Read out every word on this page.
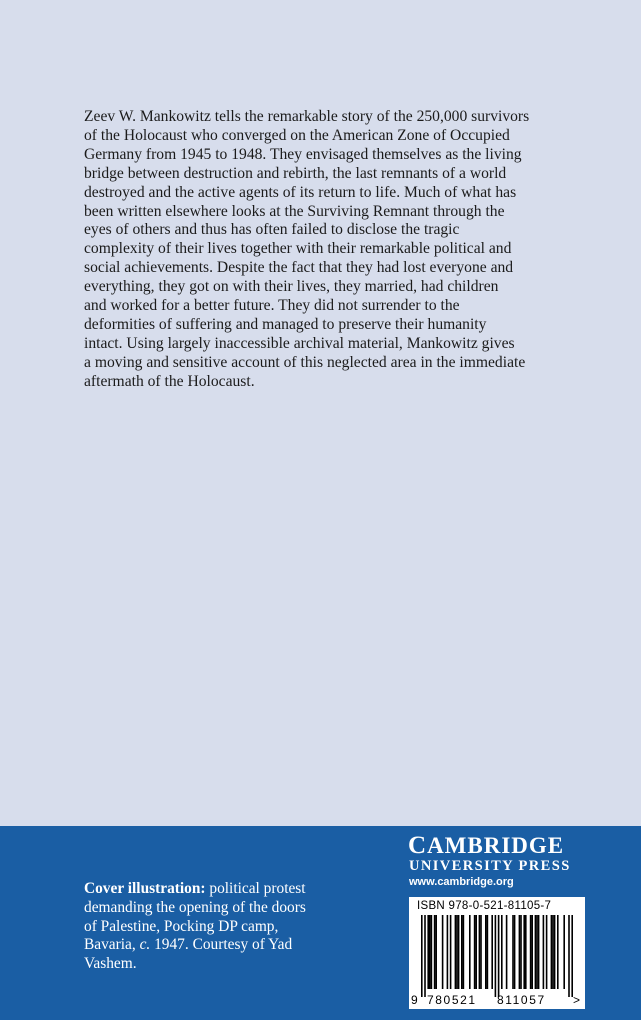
Zeev W. Mankowitz tells the remarkable story of the 250,000 survivors
of the Holocaust who converged on the American Zone of Occupied
Germany from 1945 to 1948. They envisaged themselves as the living
bridge between destruction and rebirth, the last remnants of a world
destroyed and the active agents of its return to life. Much of what has
been written elsewhere looks at the Surviving Remnant through the
eyes of others and thus has often failed to disclose the tragic
complexity of their lives together with their remarkable political and
social achievements. Despite the fact that they had lost everyone and
everything, they got on with their lives, they married, had children
and worked for a better future. They did not surrender to the
deformities of suffering and managed to preserve their humanity
intact. Using largely inaccessible archival material, Mankowitz gives
a moving and sensitive account of this neglected area in the immediate
aftermath of the Holocaust.
Cover illustration: political protest
demanding the opening of the doors
of Palestine, Pocking DP camp,
Bavaria, c. 1947. Courtesy of Yad
Vashem.
CAMBRIDGE
UNIVERSITY PRESS
www.cambridge.org
ISBN 978-0-521-81105-7
9 780521 811057 >
